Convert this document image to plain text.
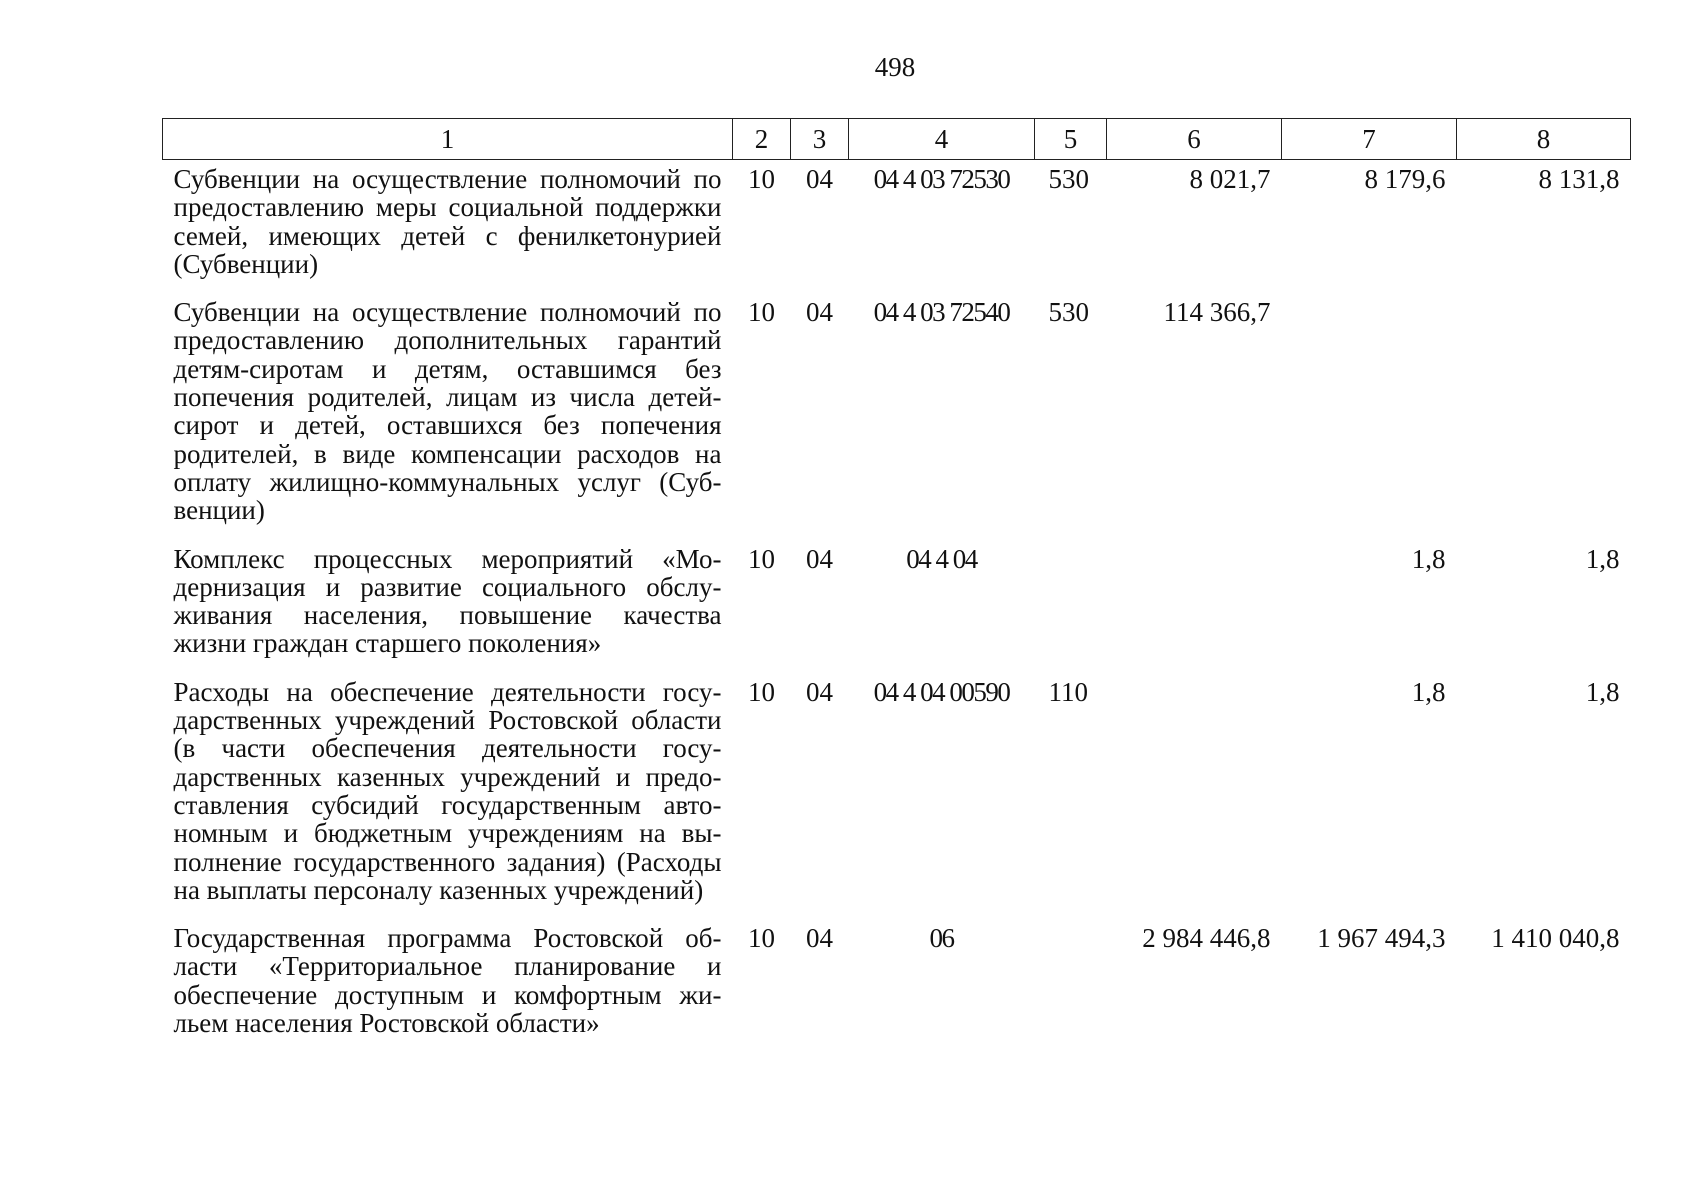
498
1	2	3	4	5	6	7	8
Субвенции на осуществление полномочий по предоставлению меры социальной поддержки семей, имеющих детей с фенилкетонурией (Субвенции)	10	04	04 4 03 72530	530	8 021,7	8 179,6	8 131,8
Субвенции на осуществление полномочий по предоставлению дополнительных гарантий детям-сиротам и детям, оставшимся без попечения родителей, лицам из числа детей-сирот и детей, оставшихся без попечения родителей, в виде компенсации расходов на оплату жилищно-коммунальных услуг (Субвенции)	10	04	04 4 03 72540	530	114 366,7		
Комплекс процессных мероприятий «Модернизация и развитие социального обслуживания населения, повышение качества жизни граждан старшего поколения»	10	04	04 4 04			1,8	1,8
Расходы на обеспечение деятельности государственных учреждений Ростовской области (в части обеспечения деятельности государственных казенных учреждений и предоставления субсидий государственным автономным и бюджетным учреждениям на выполнение государственного задания) (Расходы на выплаты персоналу казенных учреждений)	10	04	04 4 04 00590	110		1,8	1,8
Государственная программа Ростовской области «Территориальное планирование и обеспечение доступным и комфортным жильем населения Ростовской области»	10	04	06		2 984 446,8	1 967 494,3	1 410 040,8
